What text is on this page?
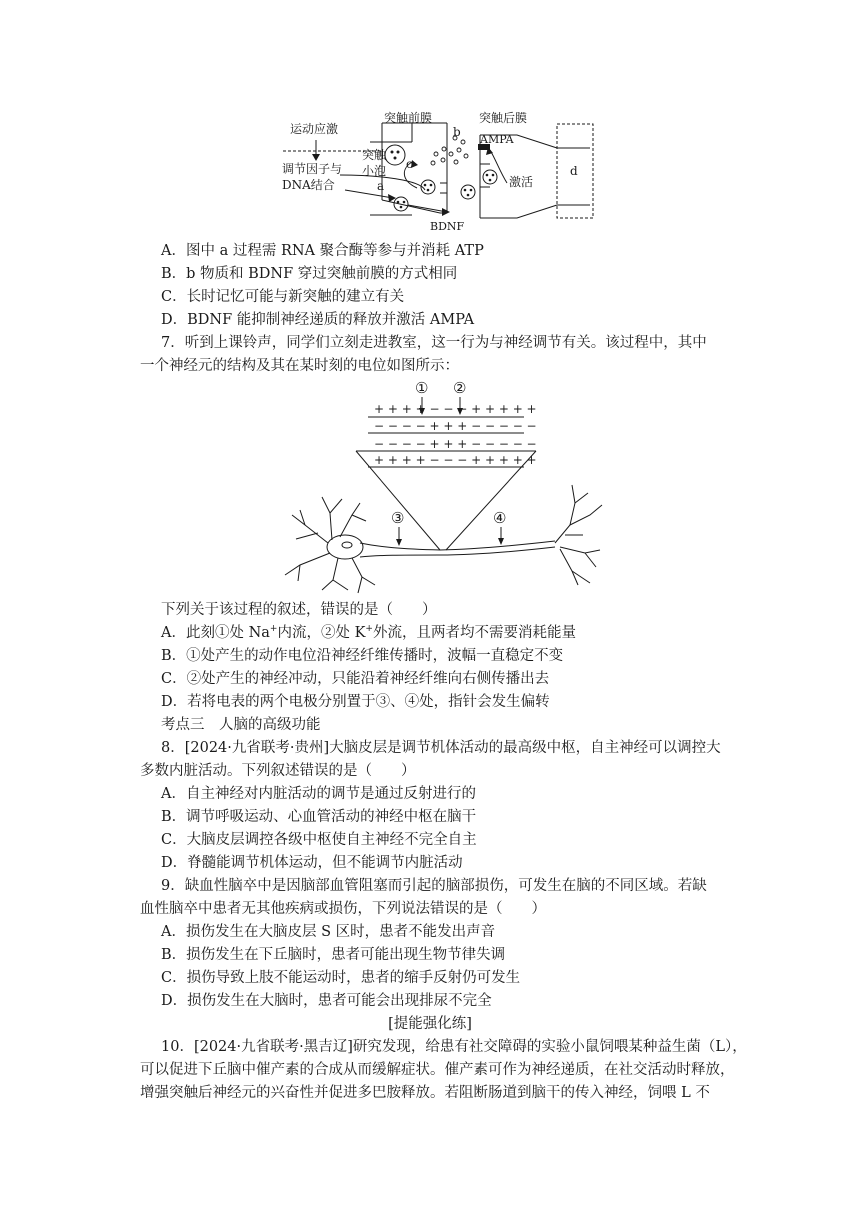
运动应激
调节因子与
DNA结合
突触前膜	突触后膜
突触
小泡
a
b
c	d
AMPA
激活
BDNF
A．图中 a 过程需 RNA 聚合酶等参与并消耗 ATP
B．b 物质和 BDNF 穿过突触前膜的方式相同
C．长时记忆可能与新突触的建立有关
D．BDNF 能抑制神经递质的释放并激活 AMPA
7．听到上课铃声，同学们立刻走进教室，这一行为与神经调节有关。该过程中，其中
一个神经元的结构及其在某时刻的电位如图所示：
① ②
③	④
+ + + + − − − + + + + +
− − − − + + + − − − − −
− − − − + + + − − − − −
+ + + + − − − + + + + +
下列关于该过程的叙述，错误的是（　　）
A．此刻①处 Na+内流，②处 K+外流，且两者均不需要消耗能量
B．①处产生的动作电位沿神经纤维传播时，波幅一直稳定不变
C．②处产生的神经冲动，只能沿着神经纤维向右侧传播出去
D．若将电表的两个电极分别置于③、④处，指针会发生偏转
考点三　人脑的高级功能
8．[2024·九省联考·贵州]大脑皮层是调节机体活动的最高级中枢，自主神经可以调控大
多数内脏活动。下列叙述错误的是（　　）
A．自主神经对内脏活动的调节是通过反射进行的
B．调节呼吸运动、心血管活动的神经中枢在脑干
C．大脑皮层调控各级中枢使自主神经不完全自主
D．脊髓能调节机体运动，但不能调节内脏活动
9．缺血性脑卒中是因脑部血管阻塞而引起的脑部损伤，可发生在脑的不同区域。若缺
血性脑卒中患者无其他疾病或损伤，下列说法错误的是（　　）
A．损伤发生在大脑皮层 S 区时，患者不能发出声音
B．损伤发生在下丘脑时，患者可能出现生物节律失调
C．损伤导致上肢不能运动时，患者的缩手反射仍可发生
D．损伤发生在大脑时，患者可能会出现排尿不完全
[提能强化练]
10．[2024·九省联考·黑吉辽]研究发现，给患有社交障碍的实验小鼠饲喂某种益生菌（L），
可以促进下丘脑中催产素的合成从而缓解症状。催产素可作为神经递质，在社交活动时释放，
增强突触后神经元的兴奋性并促进多巴胺释放。若阻断肠道到脑干的传入神经，饲喂 L 不
